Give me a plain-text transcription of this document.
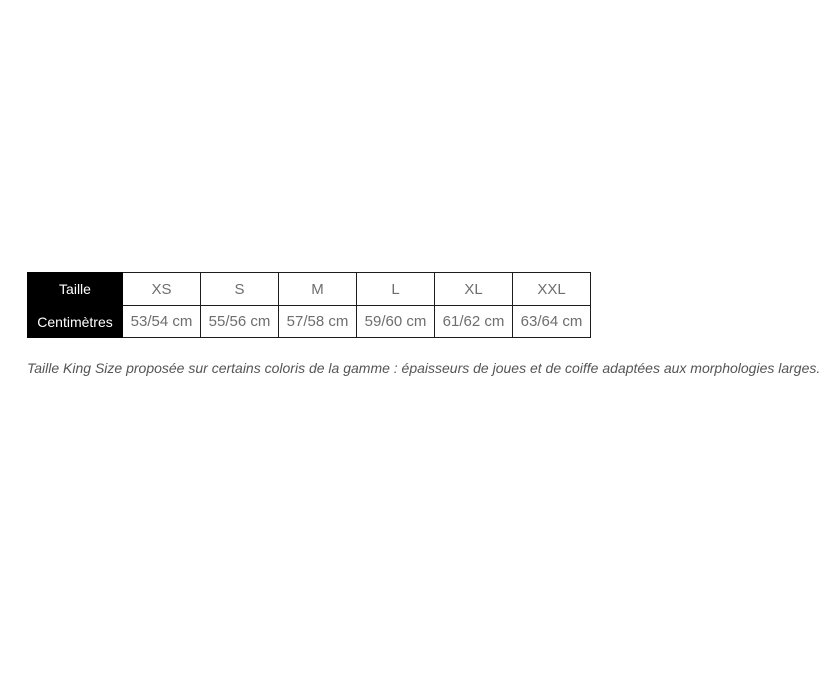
Taille	XS	S	M	L	XL	XXL
Centimètres	53/54 cm	55/56 cm	57/58 cm	59/60 cm	61/62 cm	63/64 cm

Taille King Size proposée sur certains coloris de la gamme : épaisseurs de joues et de coiffe adaptées aux morphologies larges.
